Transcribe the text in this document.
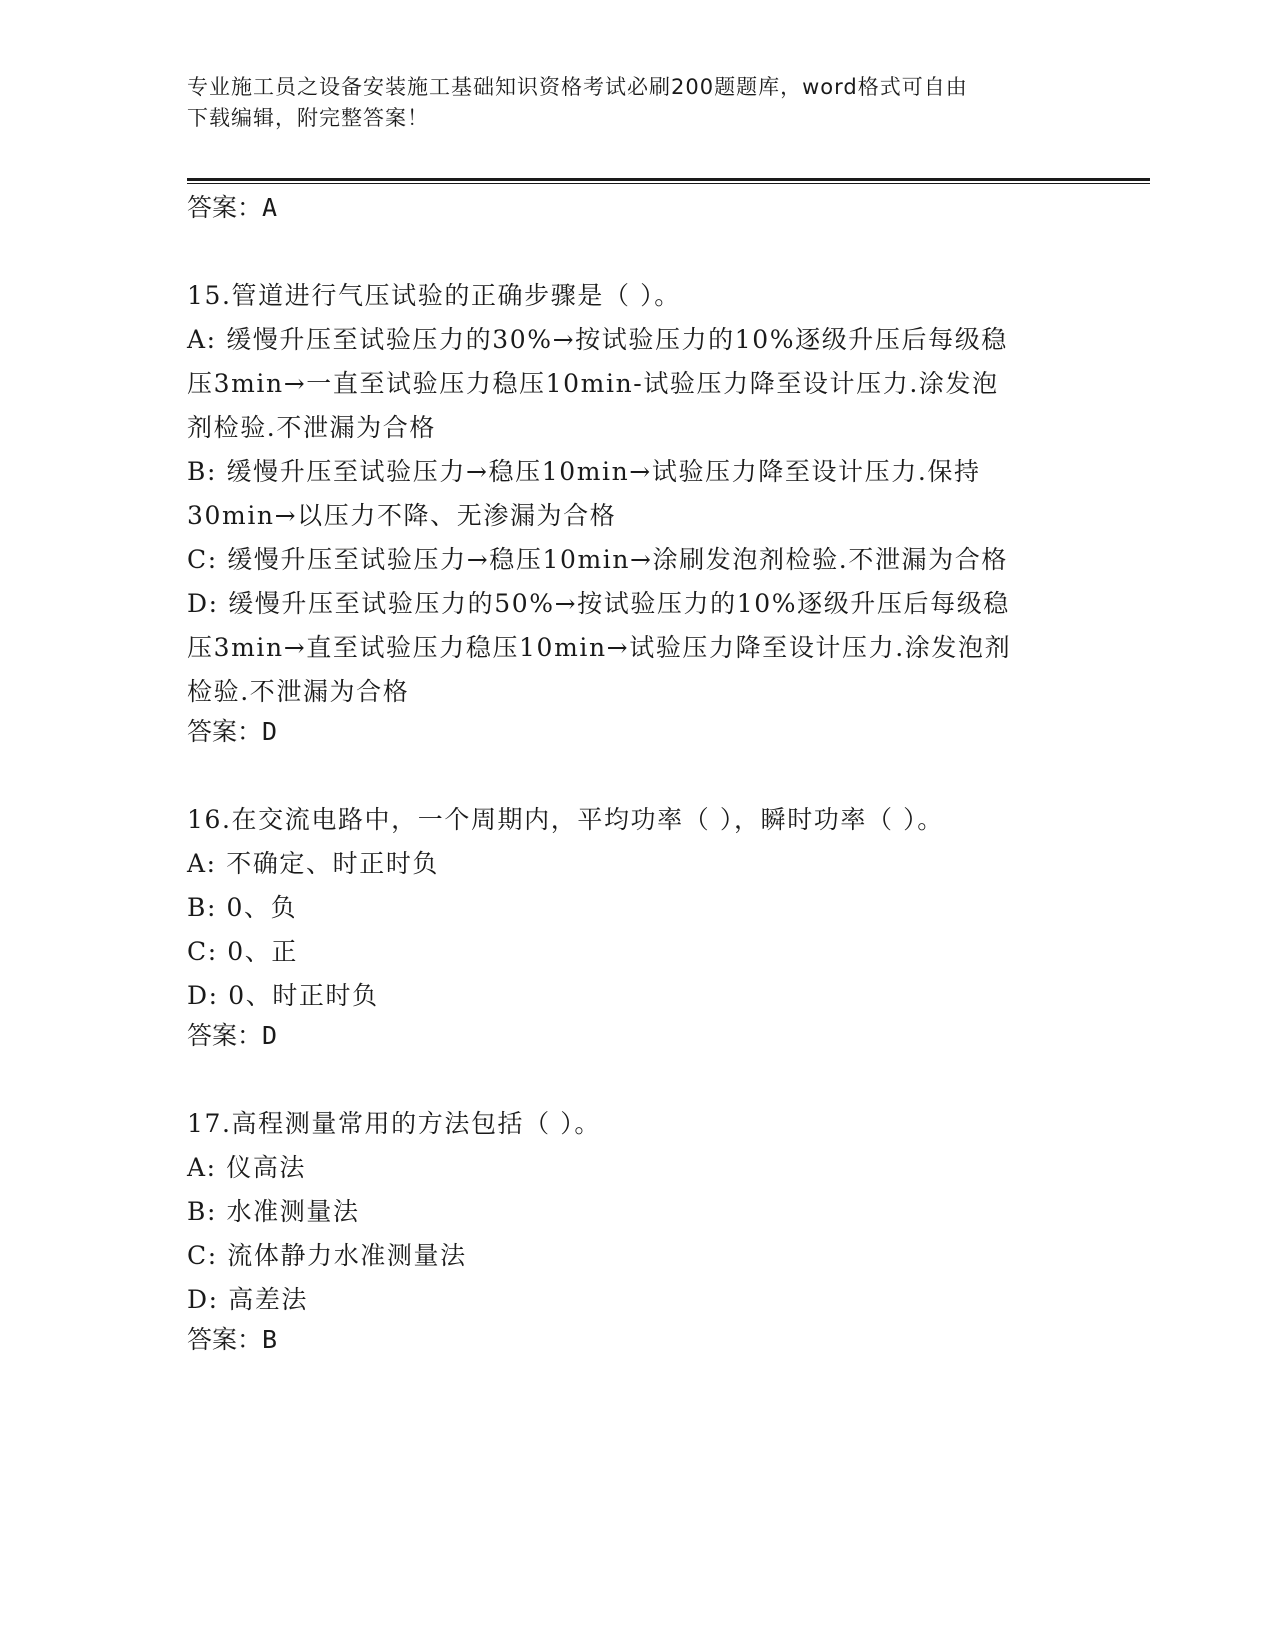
专业施工员之设备安装施工基础知识资格考试必刷200题题库，word格式可自由
下载编辑，附完整答案！
答案：A
15.管道进行气压试验的正确步骤是（ ）。
A: 缓慢升压至试验压力的30%→按试验压力的10%逐级升压后每级稳
压3min→一直至试验压力稳压10min-试验压力降至设计压力.涂发泡
剂检验.不泄漏为合格
B: 缓慢升压至试验压力→稳压10min→试验压力降至设计压力.保持
30min→以压力不降、无渗漏为合格
C: 缓慢升压至试验压力→稳压10min→涂刷发泡剂检验.不泄漏为合格
D: 缓慢升压至试验压力的50%→按试验压力的10%逐级升压后每级稳
压3min→直至试验压力稳压10min→试验压力降至设计压力.涂发泡剂
检验.不泄漏为合格
答案：D
16.在交流电路中，一个周期内，平均功率（ ），瞬时功率（ ）。
A: 不确定、时正时负
B: 0、负
C: 0、正
D: 0、时正时负
答案：D
17.高程测量常用的方法包括（ ）。
A: 仪高法
B: 水准测量法
C: 流体静力水准测量法
D: 高差法
答案：B
